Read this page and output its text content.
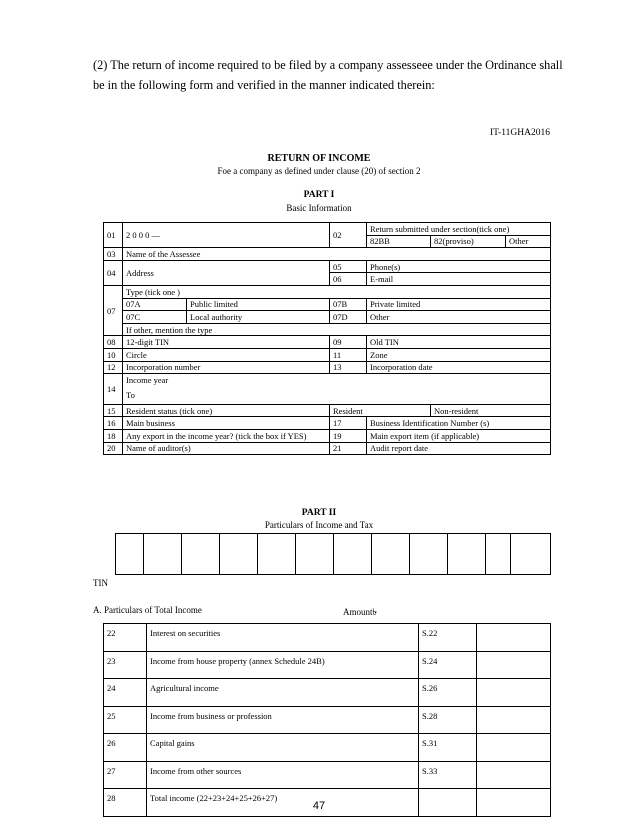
(2) The return of income required to be filed by a company assesseee under the Ordinance shall be in the following form and verified in the manner indicated therein:
IT-11GHA2016
RETURN OF INCOME
Foe a company as defined under clause (20) of section 2
PART I
Basic Information
01	2 0 0 0 —		02	Return submitted under section(tick one)		
				82BB	82(proviso)	Other
03	Name of the Assessee					
04	Address		05	Phone(s)		
			06	E-mail		
07	Type (tick one )					
	07A	Public limited	07B	Private limited		
	07C	Local authority	07D	Other		
	If other, mention the type					
08	12-digit TIN		09	Old TIN		
10	Circle		11	Zone		
12	Incorporation number		13	Incorporation date		
14	Income year					
	To					
15	Resident status (tick one)		Resident		Non-resident	
16	Main business		17	Business Identification Number (s)		
18	Any export in the income year? (tick the box if YES)		19	Main export item (if applicable)		
20	Name of auditor(s)		21	Audit report date		
PART II
Particulars of Income and Tax

TIN
A. Particulars of Total Income	Amount৳
22	Interest on securities	S.22	
23	Income from house property (annex Schedule 24B)	S.24	
24	Agricultural income	S.26	
25	Income from business or profession	S.28	
26	Capital gains	S.31	
27	Income from other sources	S.33	
28	Total income (22+23+24+25+26+27)		
47
